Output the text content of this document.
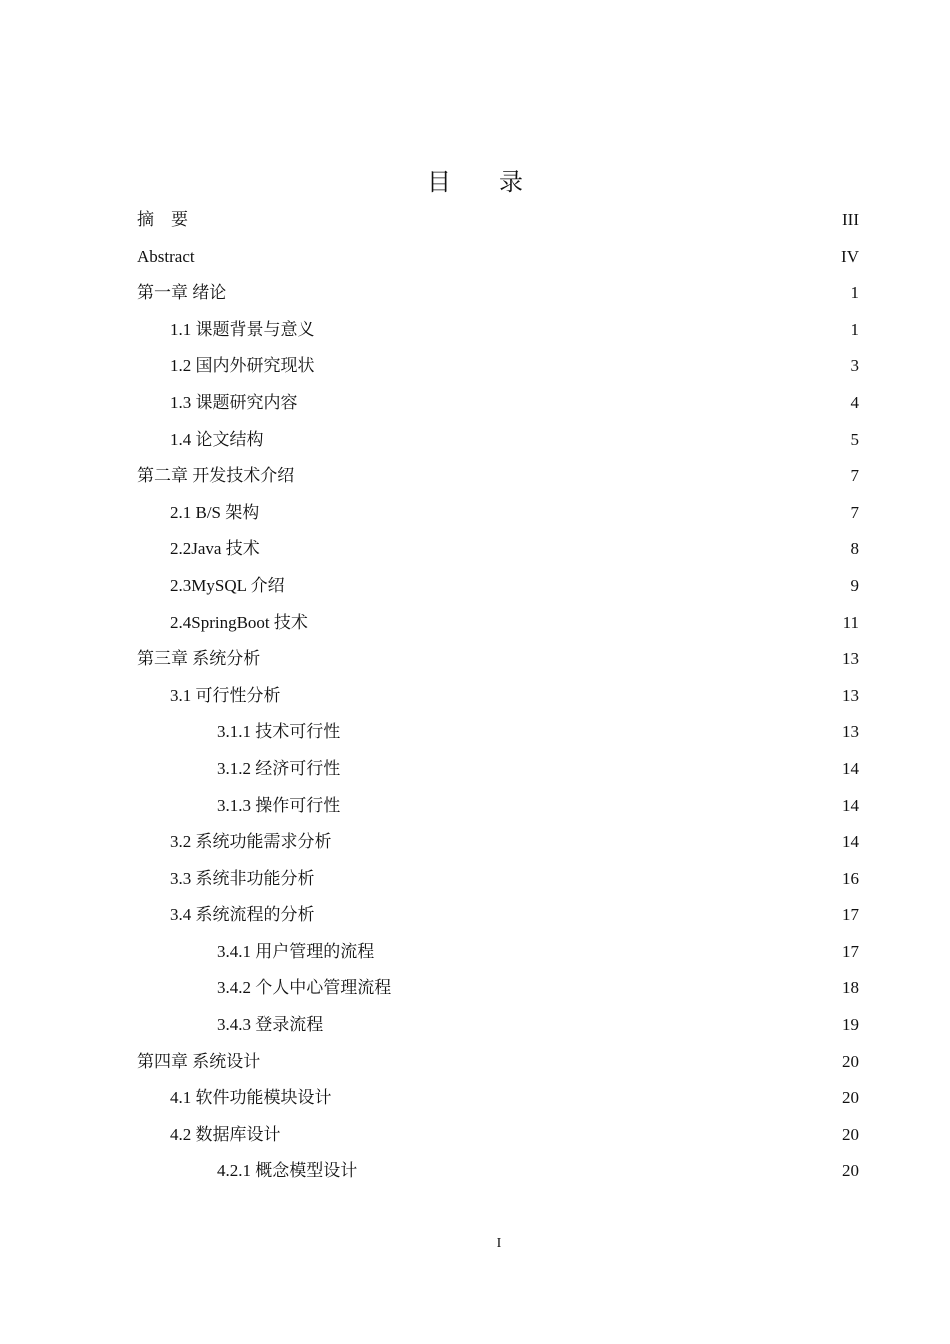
目录
摘　要	III
Abstract	IV
第一章 绪论	1
1.1 课题背景与意义	1
1.2 国内外研究现状	3
1.3 课题研究内容	4
1.4 论文结构	5
第二章 开发技术介绍	7
2.1 B/S 架构	7
2.2Java 技术	8
2.3MySQL 介绍	9
2.4SpringBoot 技术	11
第三章 系统分析	13
3.1 可行性分析	13
3.1.1 技术可行性	13
3.1.2 经济可行性	14
3.1.3 操作可行性	14
3.2 系统功能需求分析	14
3.3 系统非功能分析	16
3.4 系统流程的分析	17
3.4.1 用户管理的流程	17
3.4.2 个人中心管理流程	18
3.4.3 登录流程	19
第四章 系统设计	20
4.1 软件功能模块设计	20
4.2 数据库设计	20
4.2.1 概念模型设计	20
I
